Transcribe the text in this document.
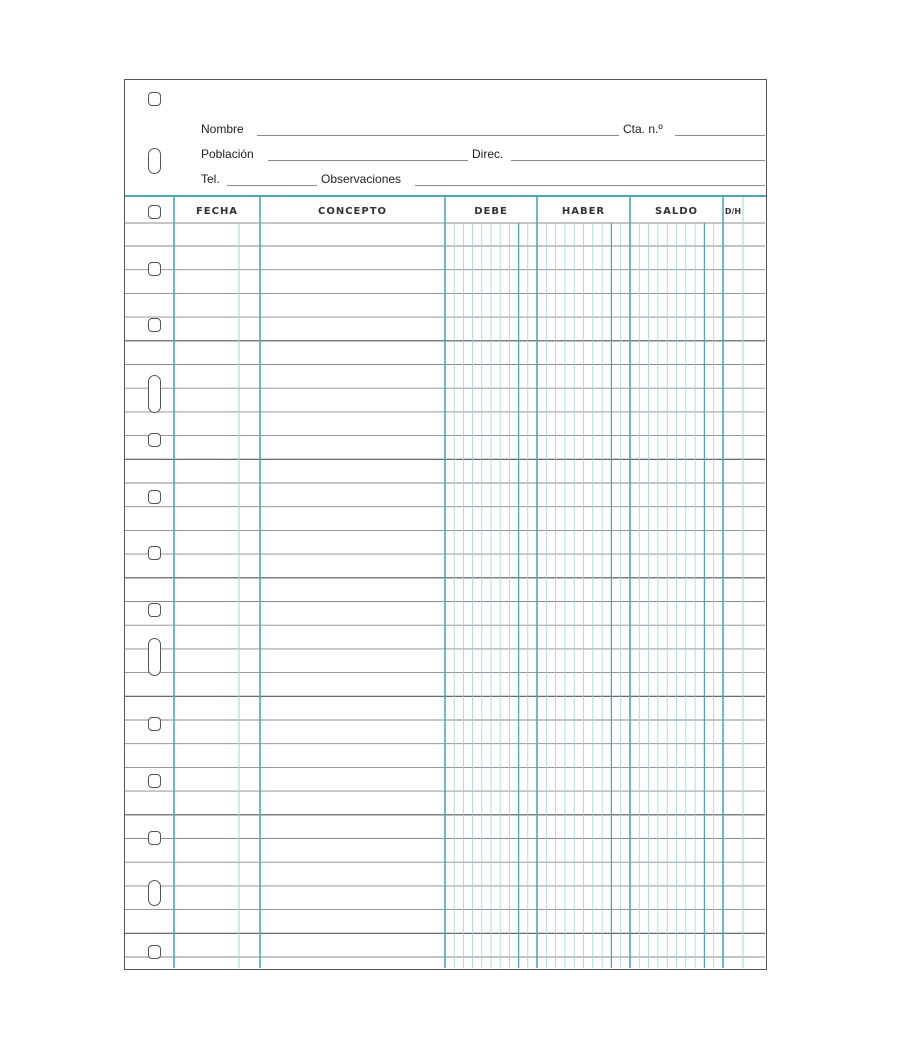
Nombre	Cta. n.º
Población	Direc.
Tel.	Observaciones
FECHA	CONCEPTO	DEBE	HABER	SALDO	D/H
